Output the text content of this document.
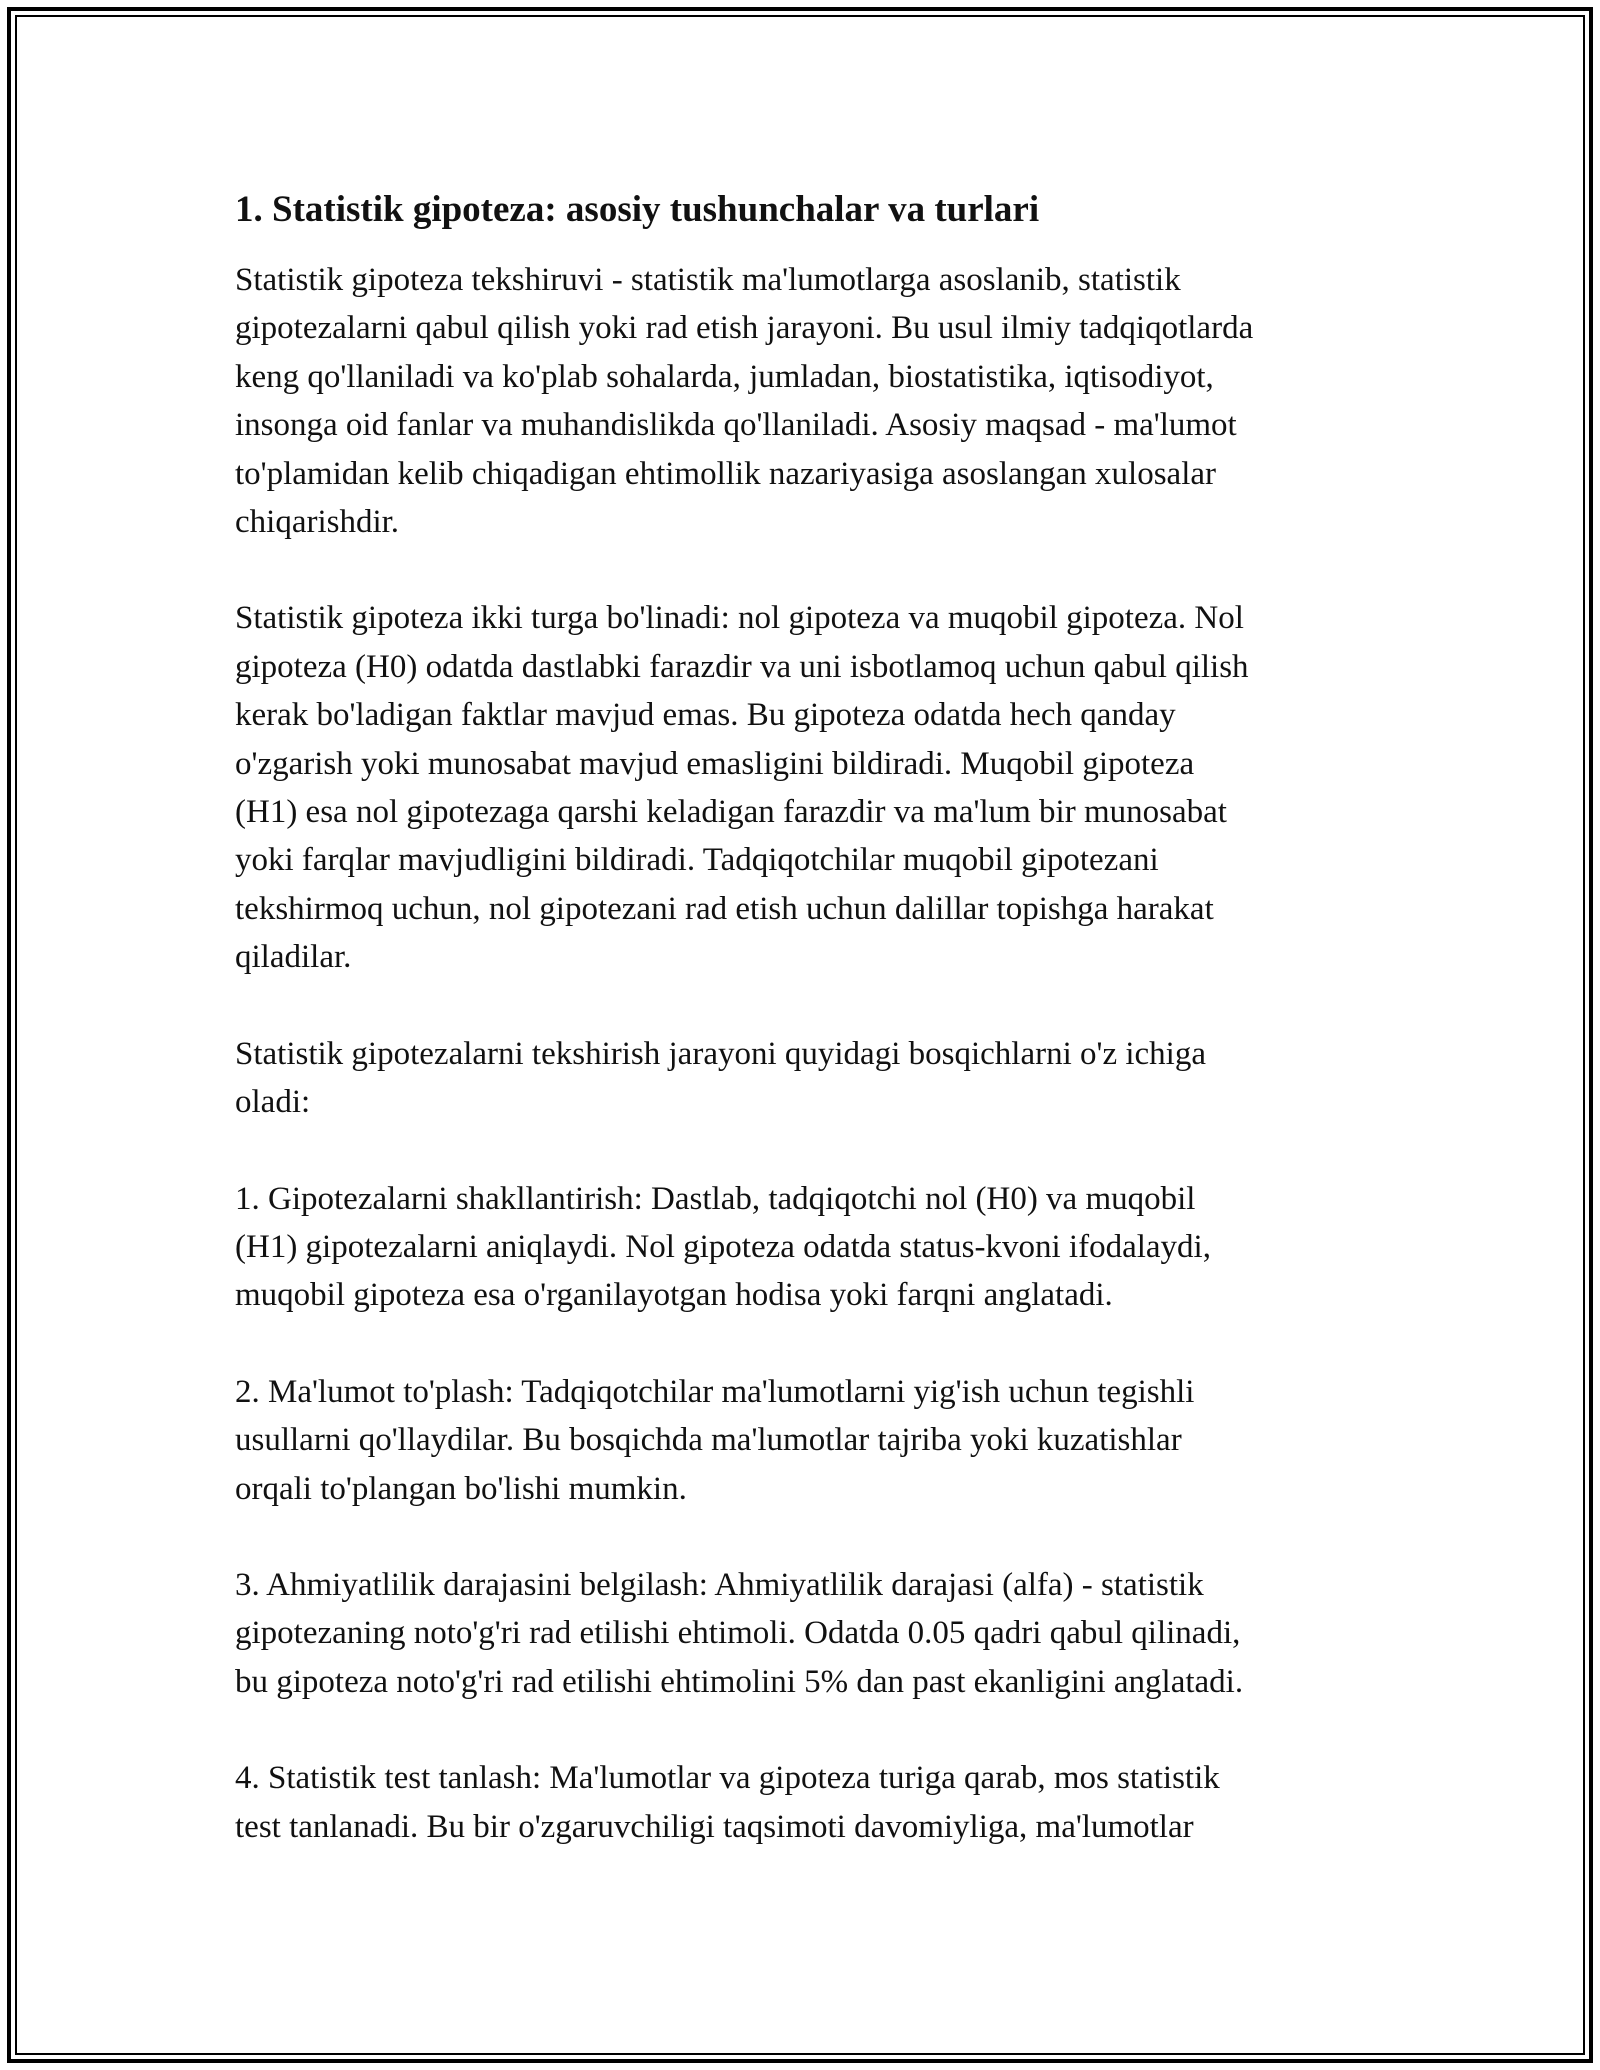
1. Statistik gipoteza: asosiy tushunchalar va turlari

Statistik gipoteza tekshiruvi - statistik ma'lumotlarga asoslanib, statistik
gipotezalarni qabul qilish yoki rad etish jarayoni. Bu usul ilmiy tadqiqotlarda
keng qo'llaniladi va ko'plab sohalarda, jumladan, biostatistika, iqtisodiyot,
insonga oid fanlar va muhandislikda qo'llaniladi. Asosiy maqsad - ma'lumot
to'plamidan kelib chiqadigan ehtimollik nazariyasiga asoslangan xulosalar
chiqarishdir.

Statistik gipoteza ikki turga bo'linadi: nol gipoteza va muqobil gipoteza. Nol
gipoteza (H0) odatda dastlabki farazdir va uni isbotlamoq uchun qabul qilish
kerak bo'ladigan faktlar mavjud emas. Bu gipoteza odatda hech qanday
o'zgarish yoki munosabat mavjud emasligini bildiradi. Muqobil gipoteza
(H1) esa nol gipotezaga qarshi keladigan farazdir va ma'lum bir munosabat
yoki farqlar mavjudligini bildiradi. Tadqiqotchilar muqobil gipotezani
tekshirmoq uchun, nol gipotezani rad etish uchun dalillar topishga harakat
qiladilar.

Statistik gipotezalarni tekshirish jarayoni quyidagi bosqichlarni o'z ichiga
oladi:

1. Gipotezalarni shakllantirish: Dastlab, tadqiqotchi nol (H0) va muqobil
(H1) gipotezalarni aniqlaydi. Nol gipoteza odatda status-kvoni ifodalaydi,
muqobil gipoteza esa o'rganilayotgan hodisa yoki farqni anglatadi.

2. Ma'lumot to'plash: Tadqiqotchilar ma'lumotlarni yig'ish uchun tegishli
usullarni qo'llaydilar. Bu bosqichda ma'lumotlar tajriba yoki kuzatishlar
orqali to'plangan bo'lishi mumkin.

3. Ahmiyatlilik darajasini belgilash: Ahmiyatlilik darajasi (alfa) - statistik
gipotezaning noto'g'ri rad etilishi ehtimoli. Odatda 0.05 qadri qabul qilinadi,
bu gipoteza noto'g'ri rad etilishi ehtimolini 5% dan past ekanligini anglatadi.

4. Statistik test tanlash: Ma'lumotlar va gipoteza turiga qarab, mos statistik
test tanlanadi. Bu bir o'zgaruvchiligi taqsimoti davomiyliga, ma'lumotlar
